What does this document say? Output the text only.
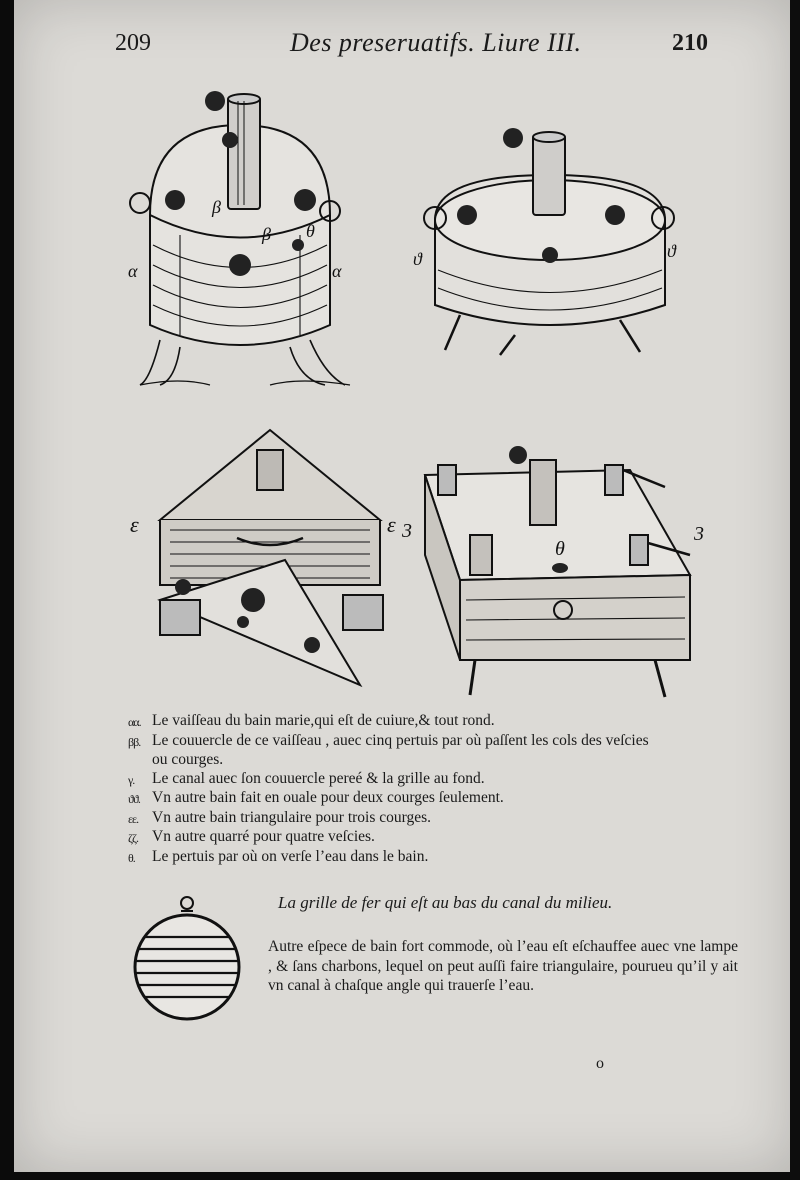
209	Des preseruatifs. Liure III.	210
α	α
β
β θ
ϑ	ϑ
ε	ε 3	3
θ
αα. Le vaiſſeau du bain marie,qui eſt de cuiure,& tout rond.
ββ. Le couuercle de ce vaiſſeau , auec cinq pertuis par où paſſent les cols des veſcies
ou courges.
γ.	Le canal auec ſon couuercle pereé & la grille au fond.
ϑϑ. Vn autre bain fait en ouale pour deux courges ſeulement.
εε. Vn autre bain triangulaire pour trois courges.
ζζ. Vn autre quarré pour quatre veſcies.
θ.	Le pertuis par où on verſe l’eau dans le bain.
La grille de fer qui eſt au bas du canal du milieu.
Autre eſpece de bain fort commode, où l’eau eſt eſchauffee auec vne lampe , & ſans charbons, lequel on peut auſſi faire triangulaire, pourueu qu’il y ait vn canal à chaſque angle qui trauerſe l’eau.
o
